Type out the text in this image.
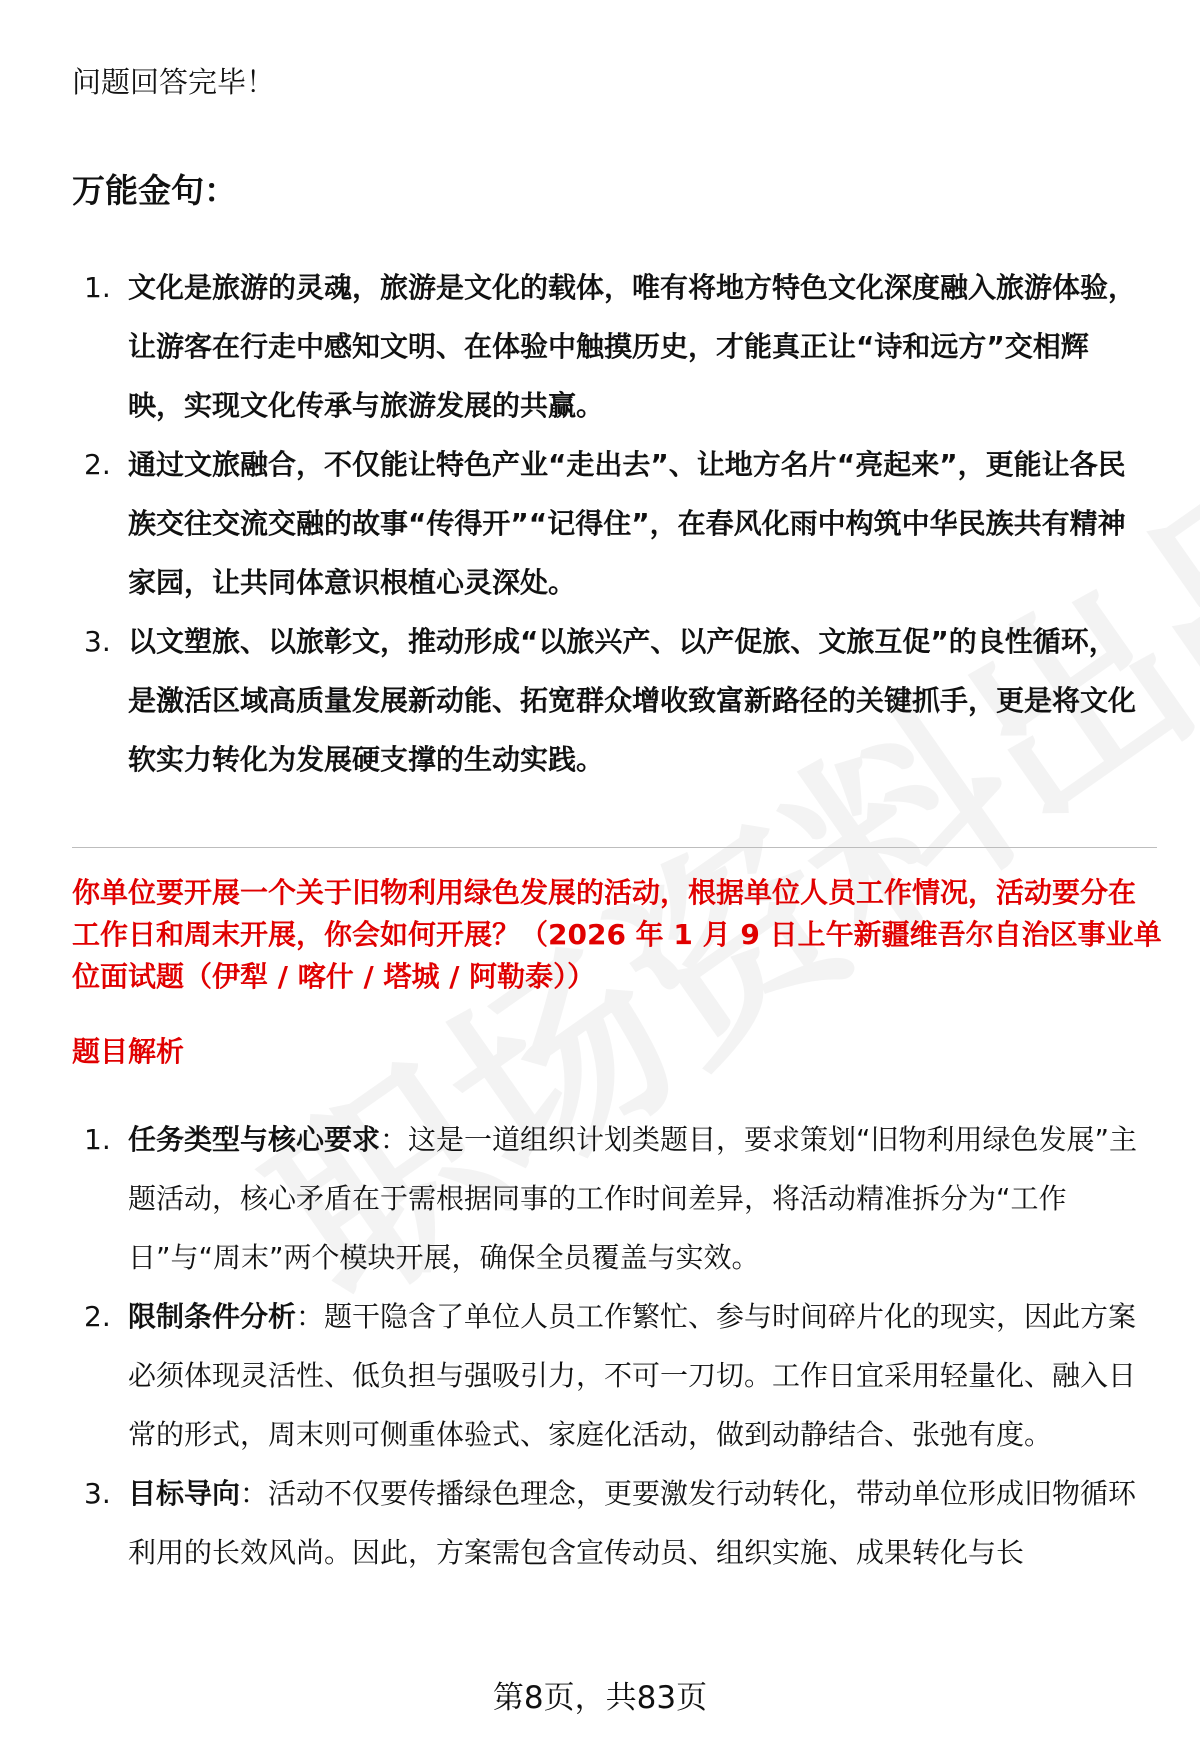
问题回答完毕！
万能金句：
1. 文化是旅游的灵魂，旅游是文化的载体，唯有将地方特色文化深度融入旅游体验，让游客在行走中感知文明、在体验中触摸历史，才能真正让“诗和远方”交相辉映，实现文化传承与旅游发展的共赢。
2. 通过文旅融合，不仅能让特色产业“走出去”、让地方名片“亮起来”，更能让各民族交往交流交融的故事“传得开”“记得住”，在春风化雨中构筑中华民族共有精神家园，让共同体意识根植心灵深处。
3. 以文塑旅、以旅彰文，推动形成“以旅兴产、以产促旅、文旅互促”的良性循环，是激活区域高质量发展新动能、拓宽群众增收致富新路径的关键抓手，更是将文化软实力转化为发展硬支撑的生动实践。
你单位要开展一个关于旧物利用绿色发展的活动，根据单位人员工作情况，活动要分在工作日和周末开展，你会如何开展？（2026 年 1 月 9 日上午新疆维吾尔自治区事业单位面试题（伊犁 / 喀什 / 塔城 / 阿勒泰））
题目解析
1. 任务类型与核心要求：这是一道组织计划类题目，要求策划“旧物利用绿色发展”主题活动，核心矛盾在于需根据同事的工作时间差异，将活动精准拆分为“工作日”与“周末”两个模块开展，确保全员覆盖与实效。
2. 限制条件分析：题干隐含了单位人员工作繁忙、参与时间碎片化的现实，因此方案必须体现灵活性、低负担与强吸引力，不可一刀切。工作日宜采用轻量化、融入日常的形式，周末则可侧重体验式、家庭化活动，做到动静结合、张弛有度。
3. 目标导向：活动不仅要传播绿色理念，更要激发行动转化，带动单位形成旧物循环利用的长效风尚。因此，方案需包含宣传动员、组织实施、成果转化与长
第8页，共83页
